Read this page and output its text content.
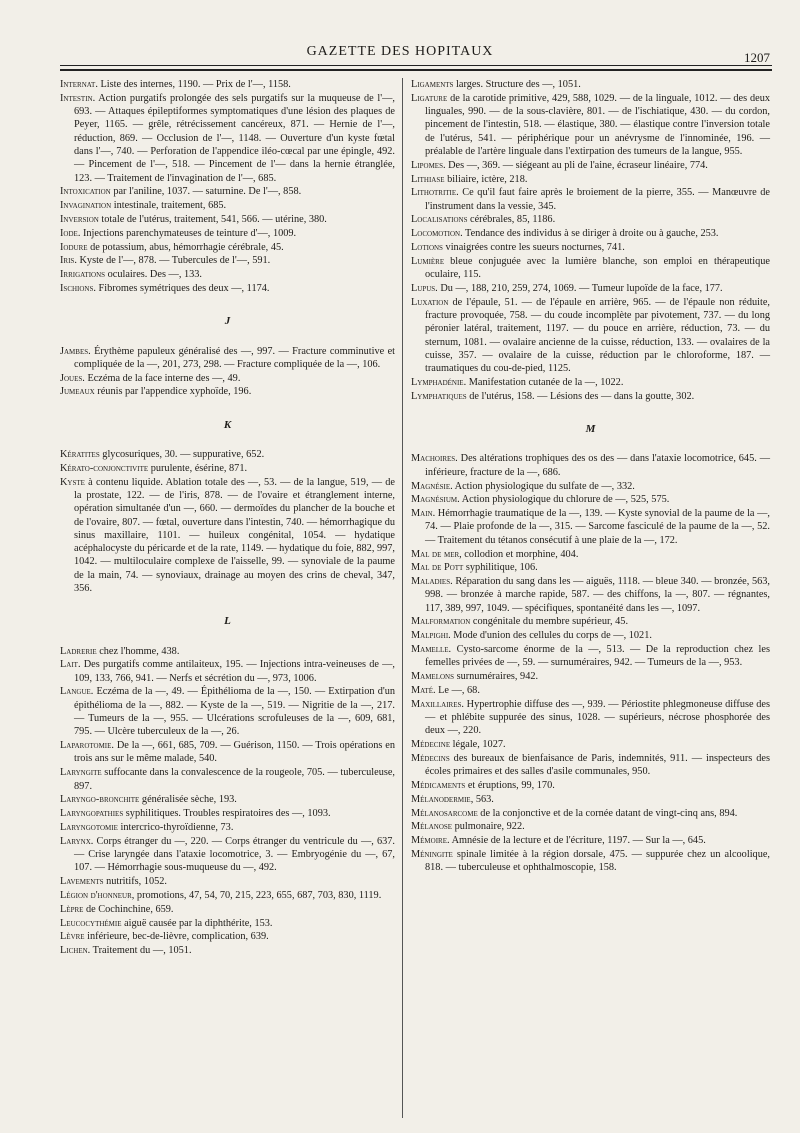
GAZETTE DES HOPITAUX	1207
Internat. Liste des internes, 1190. — Prix de l'—, 1158.
Intestin. Action purgatifs prolongée des sels purgatifs sur la muqueuse de l'—, 693. — Attaques épileptiformes symptomatiques d'une lésion des plaques de Peyer, 1165. — grêle, rétrécissement cancéreux, 871. — Hernie de l'—, réduction, 869. — Occlusion de l'—, 1148. — Ouverture d'un kyste fœtal dans l'—, 740. — Perforation de l'appendice iléo-cœcal par une épingle, 492. — Pincement de l'—, 518. — Pincement de l'— dans la hernie étranglée, 123. — Traitement de l'invagination de l'—, 685.
Intoxication par l'aniline, 1037. — saturnine. De l'—, 858.
Invagination intestinale, traitement, 685.
Inversion totale de l'utérus, traitement, 541, 566. — utérine, 380.
Iode. Injections parenchymateuses de teinture d'—, 1009.
Iodure de potassium, abus, hémorrhagie cérébrale, 45.
Iris. Kyste de l'—, 878. — Tubercules de l'—, 591.
Irrigations oculaires. Des —, 133.
Ischions. Fibromes symétriques des deux —, 1174.
J
Jambes. Érythème papuleux généralisé des —, 997. — Fracture comminutive et compliquée de la —, 201, 273, 298. — Fracture compliquée de la —, 106.
Joues. Eczéma de la face interne des —, 49.
Jumeaux réunis par l'appendice xyphoïde, 196.
K
Kératites glycosuriques, 30. — suppurative, 652.
Kérato-conjonctivite purulente, ésérine, 871.
Kyste à contenu liquide. Ablation totale des —, 53. — de la langue, 519, — de la prostate, 122. — de l'iris, 878. — de l'ovaire et étranglement interne, opération simultanée d'un —, 660. — dermoïdes du plancher de la bouche et de l'ovaire, 807. — fœtal, ouverture dans l'intestin, 740. — hémorrhagique du sinus maxillaire, 1101. — huileux congénital, 1054. — hydatique acéphalocyste du péricarde et de la rate, 1149. — hydatique du foie, 882, 997, 1042. — multiloculaire complexe de l'aisselle, 99. — synoviale de la paume de la main, 74. — synoviaux, drainage au moyen des crins de cheval, 347, 356.
L
Ladrerie chez l'homme, 438.
Lait. Des purgatifs comme antilaiteux, 195. — Injections intra-veineuses de —, 109, 133, 766, 941. — Nerfs et sécrétion du —, 973, 1006.
Langue. Eczéma de la —, 49. — Épithélioma de la —, 150. — Extirpation d'un épithélioma de la —, 882. — Kyste de la —, 519. — Nigritie de la —, 217. — Tumeurs de la —, 955. — Ulcérations scrofuleuses de la —, 609, 681, 795. — Ulcère tuberculeux de la —, 26.
Laparotomie. De la —, 661, 685, 709. — Guérison, 1150. — Trois opérations en trois ans sur le même malade, 540.
Laryngite suffocante dans la convalescence de la rougeole, 705. — tuberculeuse, 897.
Laryngo-bronchite généralisée sèche, 193.
Laryngopathies syphilitiques. Troubles respiratoires des —, 1093.
Laryngotomie intercrico-thyroïdienne, 73.
Larynx. Corps étranger du —, 220. — Corps étranger du ventricule du —, 637. — Crise laryngée dans l'ataxie locomotrice, 3. — Embryogénie du —, 67, 107. — Hémorrhagie sous-muqueuse du —, 492.
Lavements nutritifs, 1052.
Légion d'honneur, promotions, 47, 54, 70, 215, 223, 655, 687, 703, 830, 1119.
Lèpre de Cochinchine, 659.
Leucocythémie aiguë causée par la diphthérite, 153.
Lèvre inférieure, bec-de-lièvre, complication, 639.
Lichen. Traitement du —, 1051.
Ligaments larges. Structure des —, 1051.
Ligature de la carotide primitive, 429, 588, 1029. — de la linguale, 1012. — des deux linguales, 990. — de la sous-clavière, 801. — de l'ischiatique, 430. — du cordon, pincement de l'intestin, 518. — élastique, 380. — élastique contre l'inversion totale de l'utérus, 541. — périphérique pour un anévrysme de l'innominée, 196. — préalable de l'artère linguale dans l'extirpation des tumeurs de la langue, 955.
Lipomes. Des —, 369. — siégeant au pli de l'aine, écraseur linéaire, 774.
Lithiase biliaire, ictère, 218.
Lithotritie. Ce qu'il faut faire après le broiement de la pierre, 355. — Manœuvre de l'instrument dans la vessie, 345.
Localisations cérébrales, 85, 1186.
Locomotion. Tendance des individus à se diriger à droite ou à gauche, 253.
Lotions vinaigrées contre les sueurs nocturnes, 741.
Lumière bleue conjuguée avec la lumière blanche, son emploi en thérapeutique oculaire, 115.
Lupus. Du —, 188, 210, 259, 274, 1069. — Tumeur lupoïde de la face, 177.
Luxation de l'épaule, 51. — de l'épaule en arrière, 965. — de l'épaule non réduite, fracture provoquée, 758. — du coude incomplète par pivotement, 737. — du long péronier latéral, traitement, 1197. — du pouce en arrière, réduction, 73. — du sternum, 1081. — ovalaire ancienne de la cuisse, réduction, 133. — ovalaires de la cuisse, 357. — ovalaire de la cuisse, réduction par le chloroforme, 187. — traumatiques du cou-de-pied, 1125.
Lymphadénie. Manifestation cutanée de la —, 1022.
Lymphatiques de l'utérus, 158. — Lésions des — dans la goutte, 302.
M
Machoires. Des altérations trophiques des os des — dans l'ataxie locomotrice, 645. — inférieure, fracture de la —, 686.
Magnésie. Action physiologique du sulfate de —, 332.
Magnésium. Action physiologique du chlorure de —, 525, 575.
Main. Hémorrhagie traumatique de la —, 139. — Kyste synovial de la paume de la —, 74. — Plaie profonde de la —, 315. — Sarcome fasciculé de la paume de la —, 52. — Traitement du tétanos consécutif à une plaie de la —, 172.
Mal de mer, collodion et morphine, 404.
Mal de Pott syphilitique, 106.
Maladies. Réparation du sang dans les — aiguës, 1118. — bleue 340. — bronzée, 563, 998. — bronzée à marche rapide, 587. — des chiffons, la —, 807. — régnantes, 117, 389, 997, 1049. — spécifiques, spontanéité dans les —, 1097.
Malformation congénitale du membre supérieur, 45.
Malpighi. Mode d'union des cellules du corps de —, 1021.
Mamelle. Cysto-sarcome énorme de la —, 513. — De la reproduction chez les femelles privées de —, 59. — surnuméraires, 942. — Tumeurs de la —, 953.
Mamelons surnuméraires, 942.
Maté. Le —, 68.
Maxillaires. Hypertrophie diffuse des —, 939. — Périostite phlegmoneuse diffuse des — et phlébite suppurée des sinus, 1028. — supérieurs, nécrose phosphorée des deux —, 220.
Médecine légale, 1027.
Médecins des bureaux de bienfaisance de Paris, indemnités, 911. — inspecteurs des écoles primaires et des salles d'asile communales, 950.
Médicaments et éruptions, 99, 170.
Mélanodermie, 563.
Mélanosarcome de la conjonctive et de la cornée datant de vingt-cinq ans, 894.
Mélanose pulmonaire, 922.
Mémoire. Amnésie de la lecture et de l'écriture, 1197. — Sur la —, 645.
Méningite spinale limitée à la région dorsale, 475. — suppurée chez un alcoolique, 818. — tuberculeuse et ophthalmoscopie, 158.
